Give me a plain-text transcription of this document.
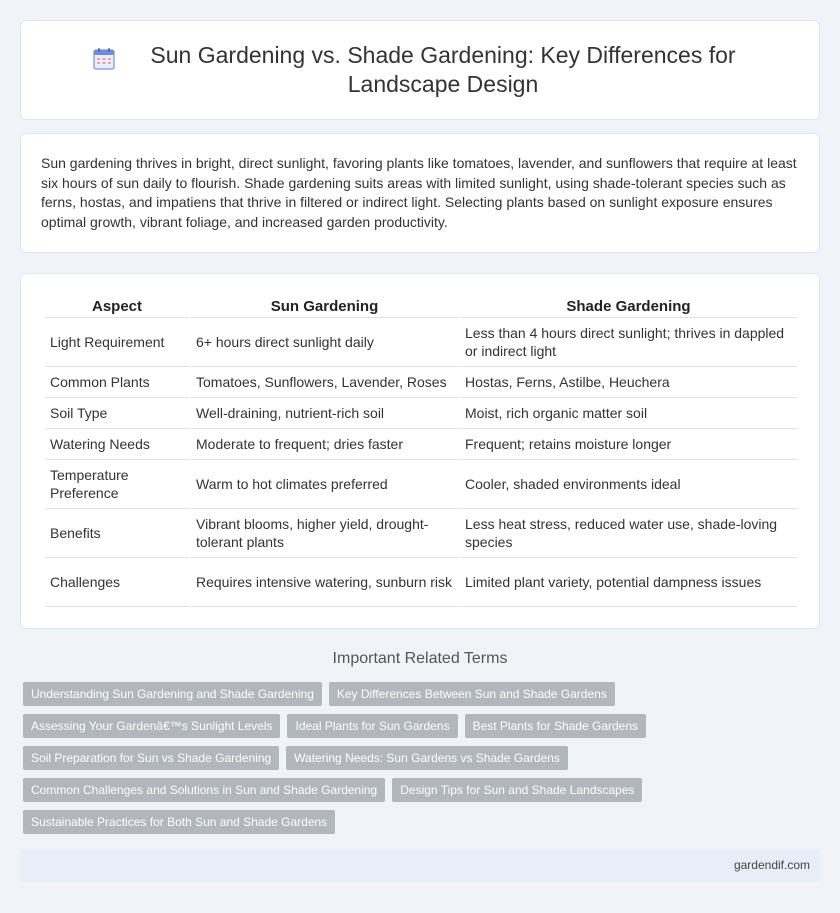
Sun Gardening vs. Shade Gardening: Key Differences for Landscape Design

Sun gardening thrives in bright, direct sunlight, favoring plants like tomatoes, lavender, and sunflowers that require at least six hours of sun daily to flourish. Shade gardening suits areas with limited sunlight, using shade-tolerant species such as ferns, hostas, and impatiens that thrive in filtered or indirect light. Selecting plants based on sunlight exposure ensures optimal growth, vibrant foliage, and increased garden productivity.

Aspect	Sun Gardening	Shade Gardening
Light Requirement	6+ hours direct sunlight daily	Less than 4 hours direct sunlight; thrives in dappled or indirect light
Common Plants	Tomatoes, Sunflowers, Lavender, Roses	Hostas, Ferns, Astilbe, Heuchera
Soil Type	Well-draining, nutrient-rich soil	Moist, rich organic matter soil
Watering Needs	Moderate to frequent; dries faster	Frequent; retains moisture longer
Temperature Preference	Warm to hot climates preferred	Cooler, shaded environments ideal
Benefits	Vibrant blooms, higher yield, drought-tolerant plants	Less heat stress, reduced water use, shade-loving species
Challenges	Requires intensive watering, sunburn risk	Limited plant variety, potential dampness issues
Important Related Terms
Understanding Sun Gardening and Shade Gardening	Key Differences Between Sun and Shade Gardens
Assessing Your Gardenâ€™s Sunlight Levels	Ideal Plants for Sun Gardens	Best Plants for Shade Gardens
Soil Preparation for Sun vs Shade Gardening	Watering Needs: Sun Gardens vs Shade Gardens
Common Challenges and Solutions in Sun and Shade Gardening	Design Tips for Sun and Shade Landscapes
Sustainable Practices for Both Sun and Shade Gardens
gardendif.com
